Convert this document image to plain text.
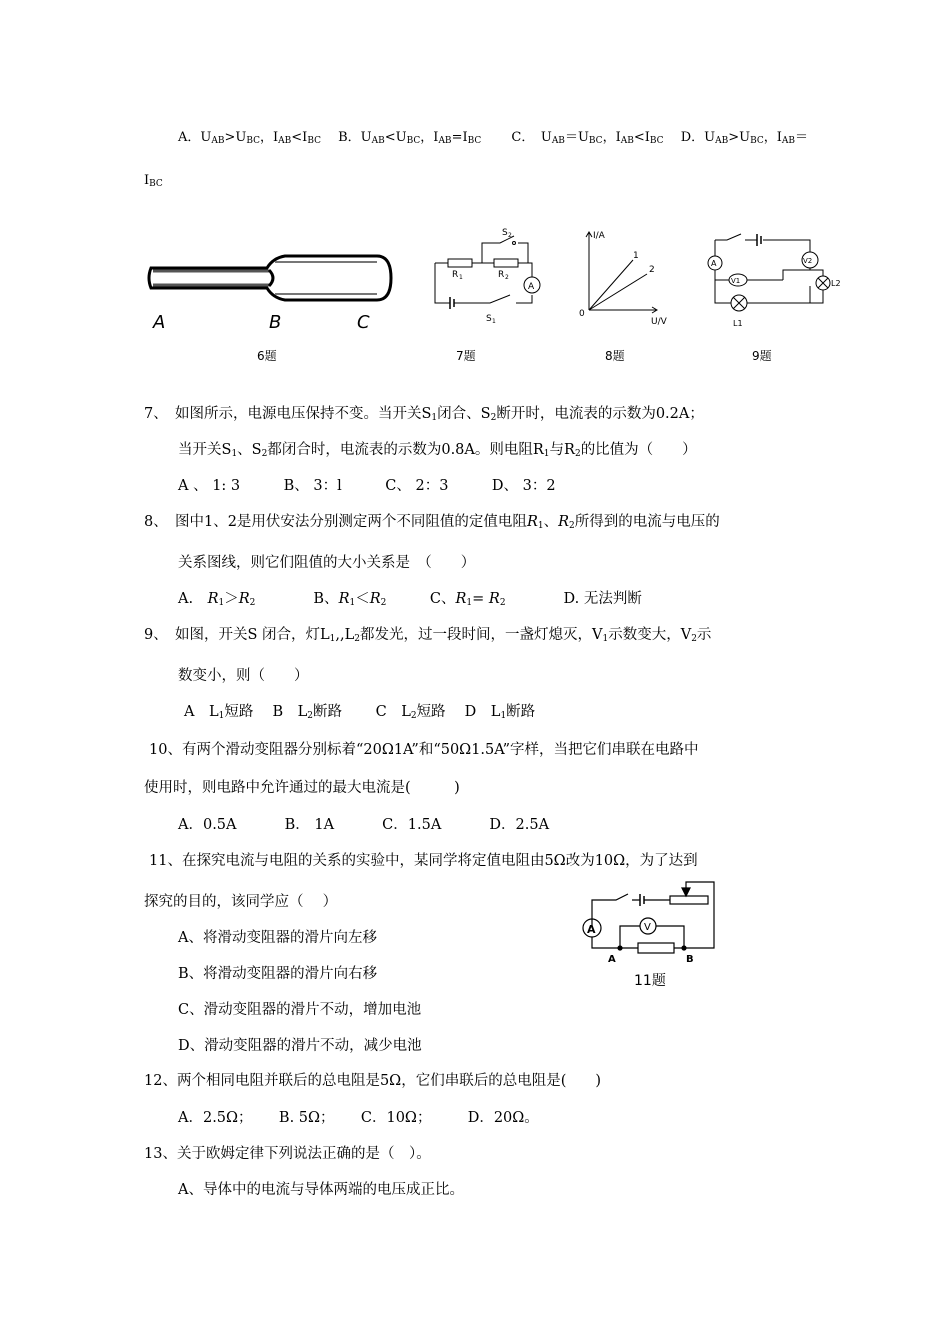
A．$U_{AB}>U_{BC}$，$I_{AB}<I_{BC}$　 B．$U_{AB}<U_{BC}$，$I_{AB}=I_{BC}$　　 C．　$U_{AB}=U_{BC}$，$I_{AB}<I_{BC}$　 D．$U_{AB}>U_{BC}$，$I_{AB}=$
$I_{BC}$
A	B	C
6题
S 2
R 1	R 2
A
S 1
7题
I/A
1
2
0
U/V
8题
A
V1
V2
L2
L1
9题
7、　如图所示，电源电压保持不变。当开关$S_1$闭合、$S_2$断开时，电流表的示数为0.2A；
当开关$S_1$、$S_2$都闭合时，电流表的示数为0.8A。则电阻$R_1$与$R_2$的比值为（　　）
A 、 1: 3　　　B、 3：l　　　C、 2：3　　　D、 3：2
8、　图中1、2是用伏安法分别测定两个不同阻值的定值电阻$R_1$、$R_2$所得到的电流与电压的
关系图线，则它们阻值的大小关系是　（　　）
A.　$R_1>R_2$　　　　B、$R_1<R_2$　　　C、$R_1= R_2$　　　　D. 无法判断
9、　如图，开关S 闭合，灯$L_1,,L_2$都发光，过一段时间，一盏灯熄灭，$V_1$示数变大，$V_2$示
数变小，则（　　）
A　$L_1$短路　 B　$L_2$断路　　 C　$L_2$短路　 D　$L_1$断路
10、有两个滑动变阻器分别标着“20Ω1A”和“50Ω1.5A”字样，当把它们串联在电路中
使用时，则电路中允许通过的最大电流是(　　　)
A．0.5A　　　 B． 1A　　　 C．1.5A　　　 D．2.5A
11、在探究电流与电阻的关系的实验中，某同学将定值电阻由5Ω改为10Ω，为了达到
探究的目的，该同学应（　 ）
A、将滑动变阻器的滑片向左移
B、将滑动变阻器的滑片向右移
C、滑动变阻器的滑片不动，增加电池
D、滑动变阻器的滑片不动，减少电池
A	V
A	B
11题
12、两个相同电阻并联后的总电阻是5Ω，它们串联后的总电阻是(　　)
A．2.5Ω；　　 B. 5Ω；　　 C．10Ω；　　　D．20Ω。
13、关于欧姆定律下列说法正确的是（　）。
A、导体中的电流与导体两端的电压成正比。
